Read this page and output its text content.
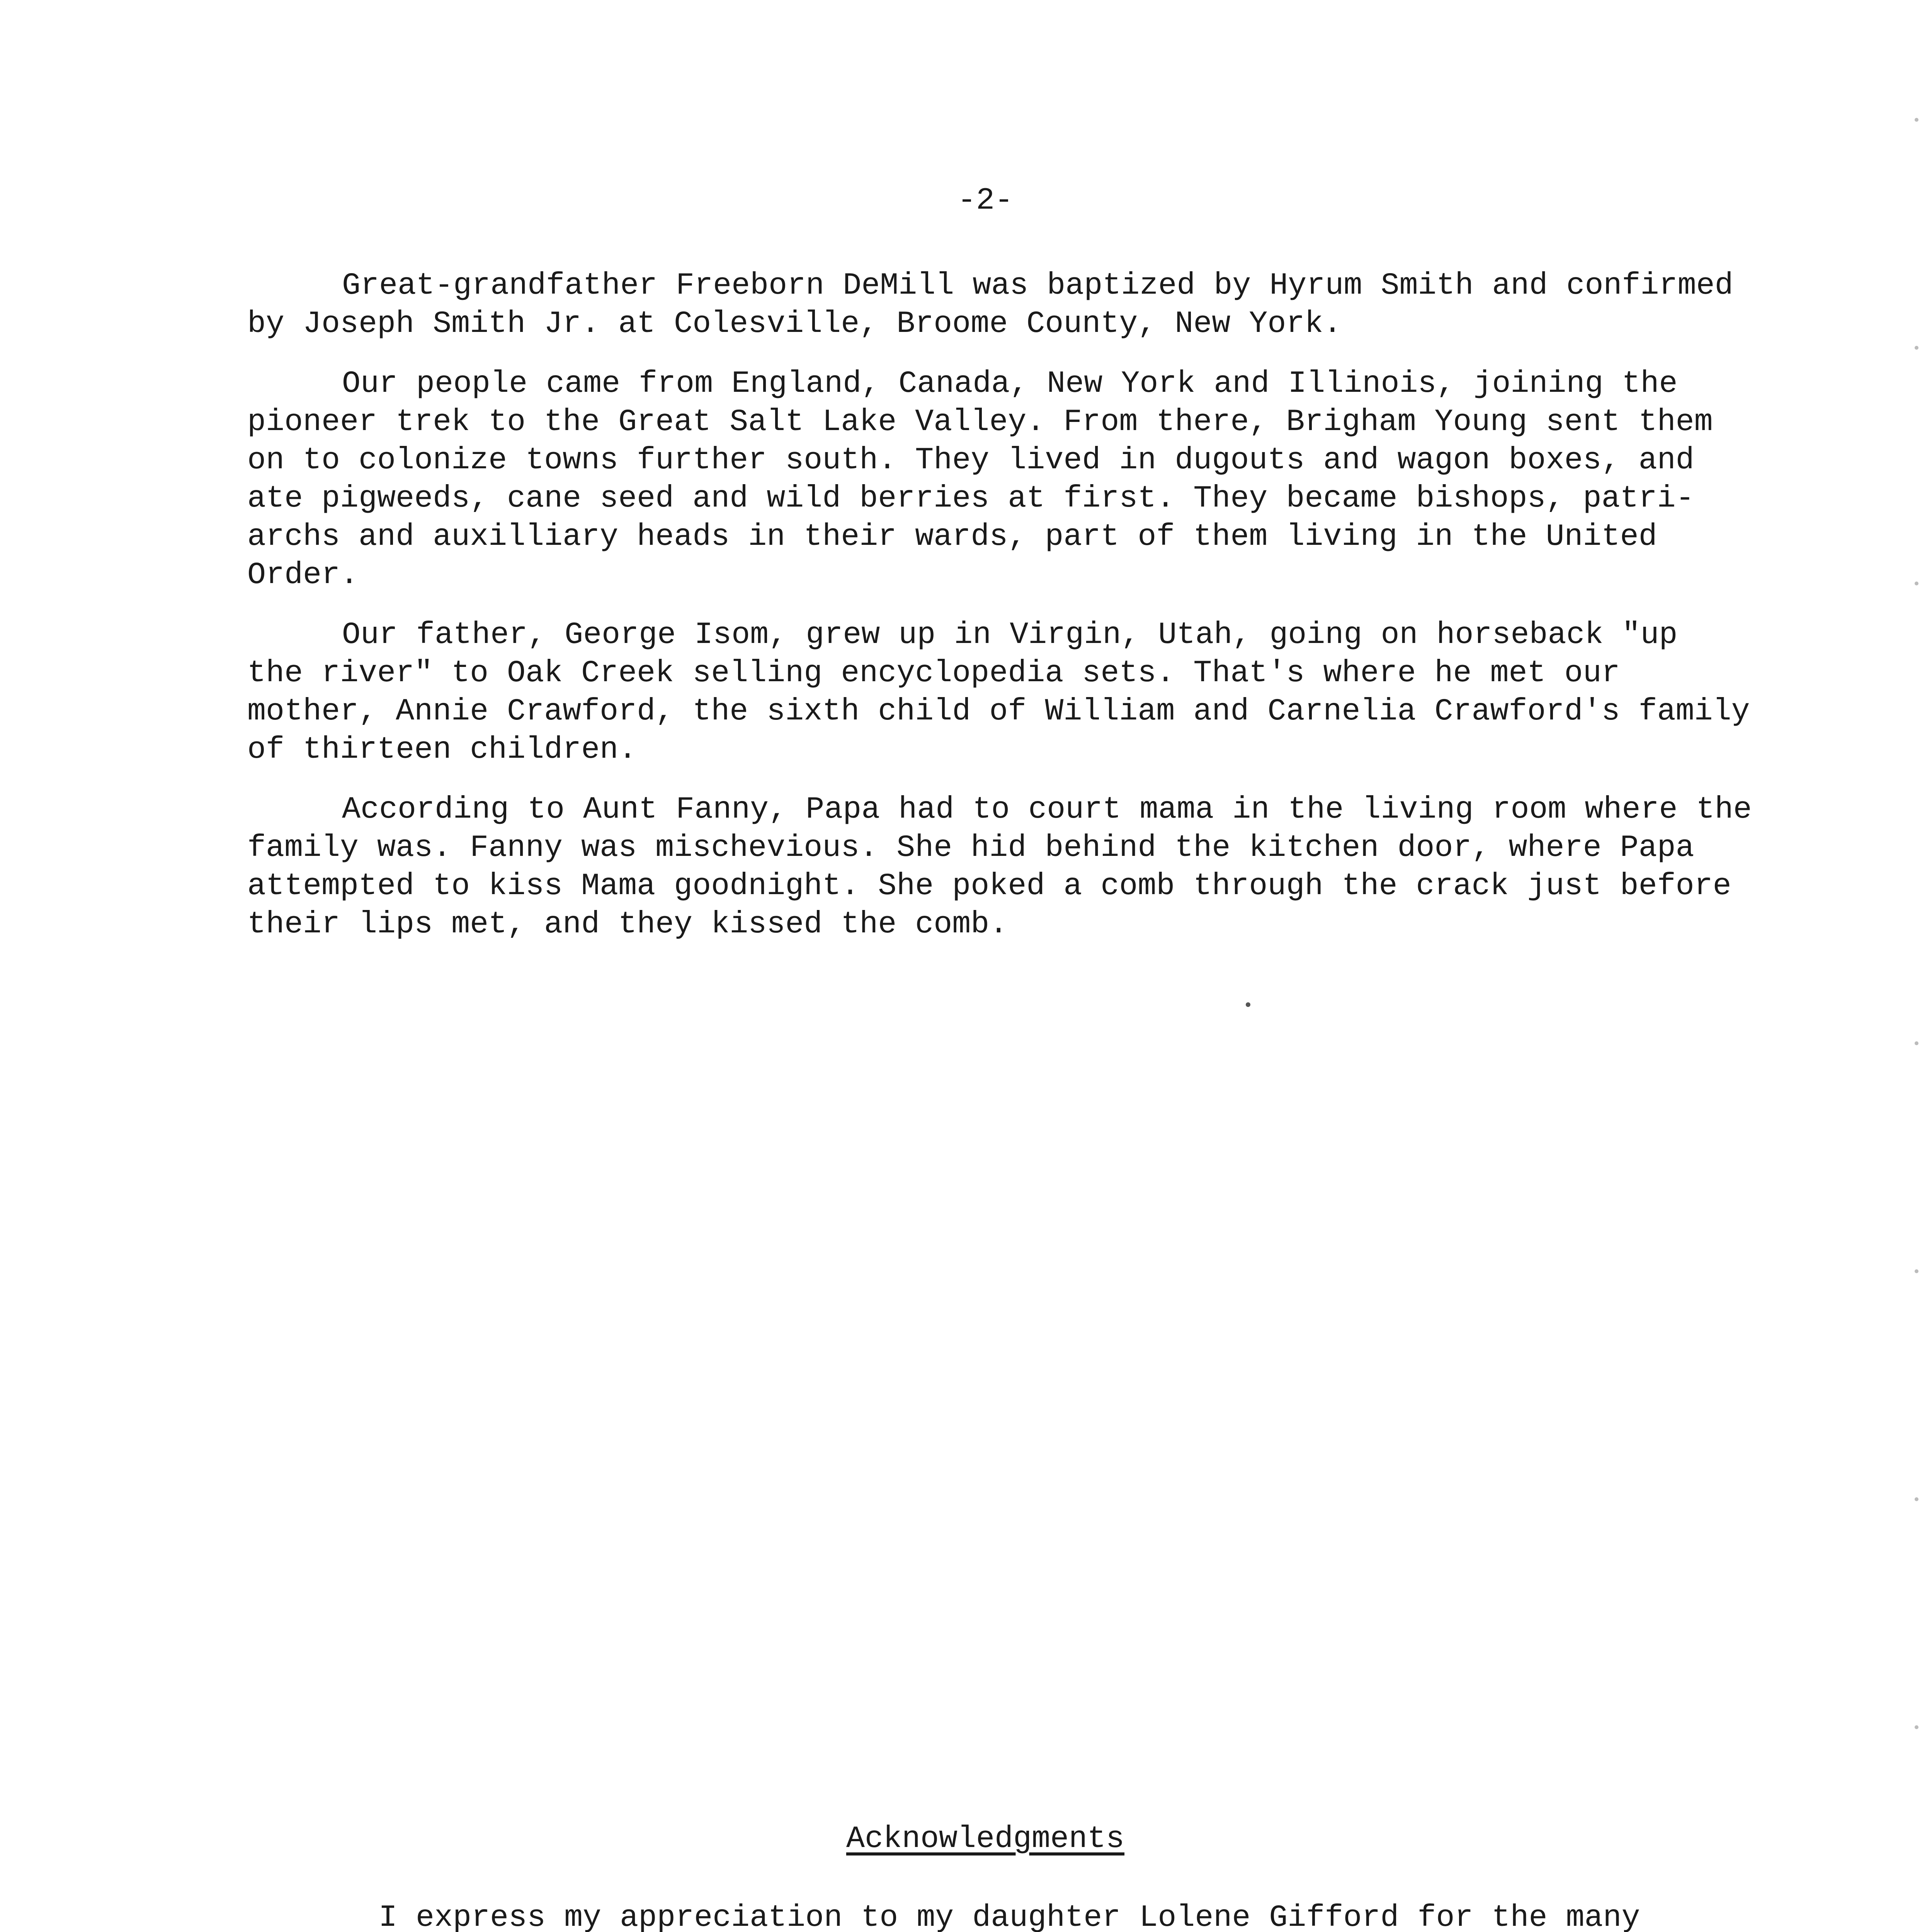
-2-

Great-grandfather Freeborn DeMill was baptized by Hyrum Smith and confirmed
by Joseph Smith Jr. at Colesville, Broome County, New York.

Our people came from England, Canada, New York and Illinois, joining the
pioneer trek to the Great Salt Lake Valley. From there, Brigham Young sent them
on to colonize towns further south. They lived in dugouts and wagon boxes, and
ate pigweeds, cane seed and wild berries at first. They became bishops, patri-
archs and auxilliary heads in their wards, part of them living in the United
Order.

Our father, George Isom, grew up in Virgin, Utah, going on horseback "up
the river" to Oak Creek selling encyclopedia sets. That's where he met our
mother, Annie Crawford, the sixth child of William and Carnelia Crawford's family
of thirteen children.

According to Aunt Fanny, Papa had to court mama in the living room where the
family was. Fanny was mischevious. She hid behind the kitchen door, where Papa
attempted to kiss Mama goodnight. She poked a comb through the crack just before
their lips met, and they kissed the comb.

Acknowledgments

I express my appreciation to my daughter Lolene Gifford for the many
